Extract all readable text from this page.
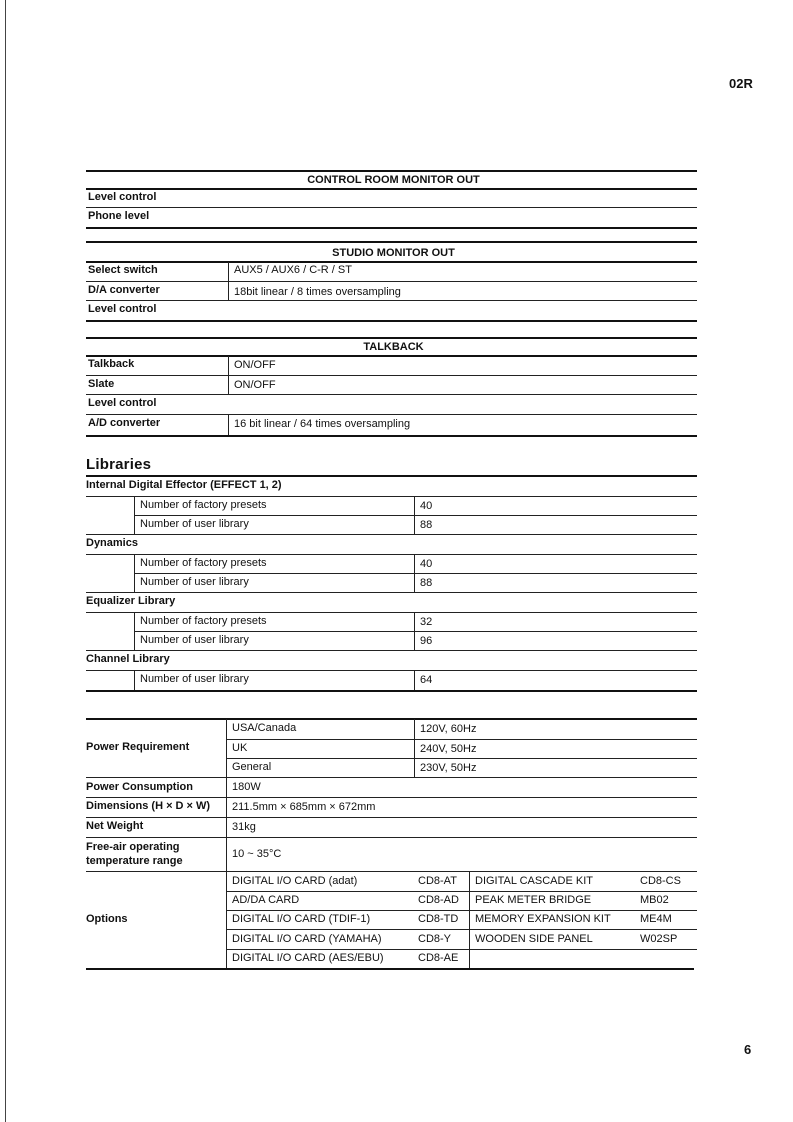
02R
CONTROL ROOM MONITOR OUT
Level control
Phone level
STUDIO MONITOR OUT
Select switch	AUX5 / AUX6 / C-R / ST
D/A converter	18bit linear / 8 times oversampling
Level control
TALKBACK
Talkback	ON/OFF
Slate	ON/OFF
Level control
A/D converter	16 bit linear / 64 times oversampling
Libraries
Internal Digital Effector (EFFECT 1, 2)
Number of factory presets	40
Number of user library	88
Dynamics
Number of factory presets	40
Number of user library	88
Equalizer Library
Number of factory presets	32
Number of user library	96
Channel Library
Number of user library	64
Power Requirement
USA/Canada	120V, 60Hz
UK	240V, 50Hz
General	230V, 50Hz
Power Consumption	180W
Dimensions (H × D × W) 211.5mm × 685mm × 672mm
Net Weight	31kg
Free-air operating
temperature range
10 ~ 35°C
Options
DIGITAL I/O CARD (adat)	CD8-AT DIGITAL CASCADE KIT	CD8-CS
AD/DA CARD	CD8-AD PEAK METER BRIDGE	MB02
DIGITAL I/O CARD (TDIF-1)	CD8-TD MEMORY EXPANSION KIT	ME4M
DIGITAL I/O CARD (YAMAHA)	CD8-Y WOODEN SIDE PANEL	W02SP
DIGITAL I/O CARD (AES/EBU)	CD8-AE
6
